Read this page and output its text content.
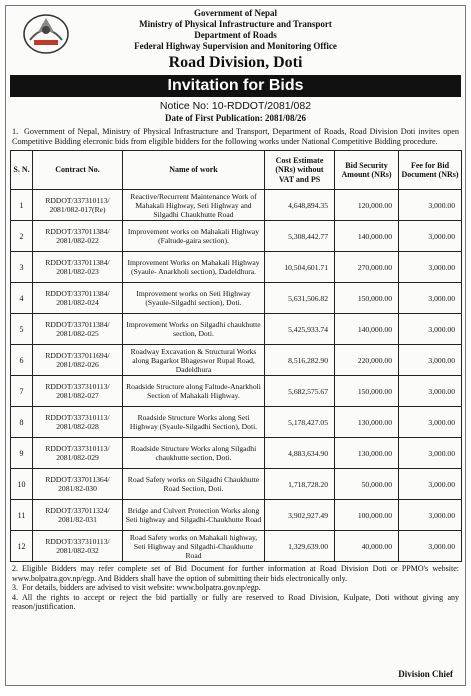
Government of Nepal
Ministry of Physical Infrastructure and Transport
Department of Roads
Federal Highway Supervision and Monitoring Office
Road Division, Doti
Invitation for Bids
Notice No: 10-RDDOT/2081/082
Date of First Publication: 2081/08/26
1. Government of Nepal, Ministry of Physical Infrastructure and Transport, Department of Roads, Road Division Doti invites open Competitive Bidding elecronic bids from eligible bidders for the following works under National Competitive Bidding procedure.
S. N.	Contract No.	Name of work	Cost Estimate (NRs) without VAT and PS	Bid Security Amount (NRs)	Fee for Bid Document (NRs)
1	RDDOT/337310113/ 2081/082-017(Re)	Reactive/Recurrent Maintenance Work of Mahakali Highway, Seti Highway and Silgadhi Chaukhutte Road	4,648,894.35	120,000.00	3,000.00
2	RDDOT/337011384/ 2081/082-022	Improvement works on Mahakali Highway (Faltude-gaira section).	5,308,442.77	140,000.00	3,000.00
3	RDDOT/337011384/ 2081/082-023	Improvement Works on Mahakali Highway (Syaule- Anarkholi section), Dadeldhura.	10,504,601.71	270,000.00	3,000.00
4	RDDOT/337011384/ 2081/082-024	Improvement works on Seti Highway (Syaule-Silgadhi section), Doti.	5,631,506.82	150,000.00	3,000.00
5	RDDOT/337011384/ 2081/082-025	Improvement Works on Silgadhi chaukhutte section, Doti.	5,425,933.74	140,000.00	3,000.00
6	RDDOT/337011694/ 2081/082-026	Roadway Excavation & Structural Works along Bagarkot Bhageswor Rupal Road, Dadeldhura	8,516,282.90	220,000.00	3,000.00
7	RDDOT/337310113/ 2081/082-027	Roadside Structure along Faltude-Anarkholi Section of Mahakali Highway.	5,682,575.67	150,000.00	3,000.00
8	RDDOT/337310113/ 2081/082-028	Roadside Structure Works along Seti Highway (Syaule-Silgadhi Section), Doti.	5,178,427.05	130,000.00	3,000.00
9	RDDOT/337310113/ 2081/082-029	Roadside Structure Works along Silgadhi chaukhutte section, Doti.	4,883,634.90	130,000.00	3,000.00
10	RDDOT/337011364/ 2081/82-030	Road Safety works on Silgadhi Chaukhutte Road Section, Doti.	1,718,728.20	50,000.00	3,000.00
11	RDDOT/337011324/ 2081/82-031	Bridge and Culvert Protection Works along Seti highway and Silgadhi-Chaukhutte Road	3,902,927.49	100,000.00	3,000.00
12	RDDOT/337310113/ 2081/082-032	Road Safety works on Mahakali highway, Seti Highway and Silgadhi-Chaukhutte Road	1,329,639.00	40,000.00	3,000.00
2. Eligible Bidders may refer complete set of Bid Document for further information at Road Division Doti or PPMO's website: www.bolpatra.gov.np/egp. And Bidders shall have the option of submitting their bids electronically only.
3. For details, bidders are advised to visit website: www.bolpatra.gov.np/egp.
4. All the rights to accept or reject the bid partially or fully are reserved to Road Division, Kulpate, Doti without giving any reason/justification.
Division Chief
